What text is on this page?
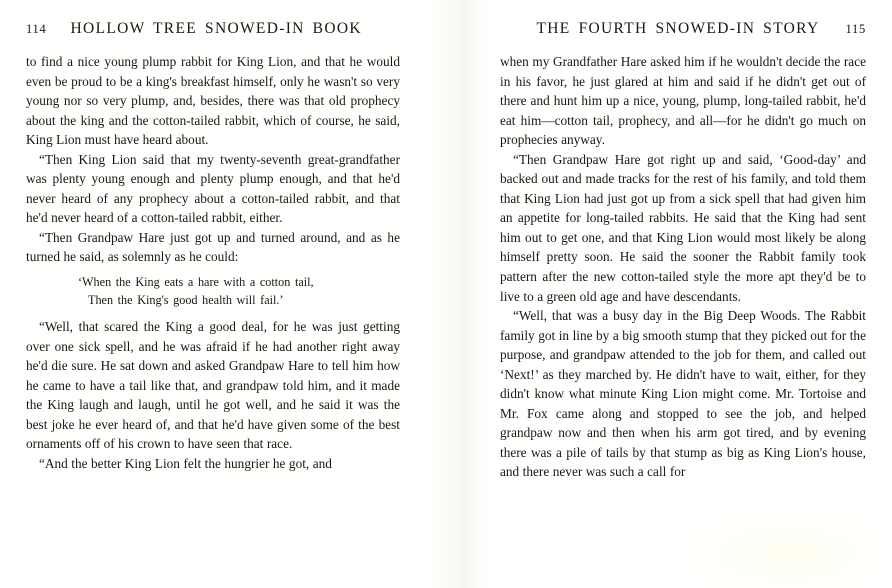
114 HOLLOW TREE SNOWED-IN BOOK

to find a nice young plump rabbit for King Lion, and that he would even be proud to be a king's breakfast himself, only he wasn't so very young nor so very plump, and, besides, there was that old prophecy about the king and the cotton-tailed rabbit, which of course, he said, King Lion must have heard about.

“Then King Lion said that my twenty-seventh great-grandfather was plenty young enough and plenty plump enough, and that he'd never heard of any prophecy about a cotton-tailed rabbit, and that he'd never heard of a cotton-tailed rabbit, either.

“Then Grandpaw Hare just got up and turned around, and as he turned he said, as solemnly as he could:

‘When the King eats a hare with a cotton tail,
Then the King's good health will fail.’

“Well, that scared the King a good deal, for he was just getting over one sick spell, and he was afraid if he had another right away he'd die sure. He sat down and asked Grandpaw Hare to tell him how he came to have a tail like that, and grandpaw told him, and it made the King laugh and laugh, until he got well, and he said it was the best joke he ever heard of, and that he'd have given some of the best ornaments off of his crown to have seen that race.

“And the better King Lion felt the hungrier he got, and

THE FOURTH SNOWED-IN STORY 115

when my Grandfather Hare asked him if he wouldn't decide the race in his favor, he just glared at him and said if he didn't get out of there and hunt him up a nice, young, plump, long-tailed rabbit, he'd eat him—cotton tail, prophecy, and all—for he didn't go much on prophecies anyway.

“Then Grandpaw Hare got right up and said, ‘Good-day’ and backed out and made tracks for the rest of his family, and told them that King Lion had just got up from a sick spell that had given him an appetite for long-tailed rabbits. He said that the King had sent him out to get one, and that King Lion would most likely be along himself pretty soon. He said the sooner the Rabbit family took pattern after the new cotton-tailed style the more apt they'd be to live to a green old age and have descendants.

“Well, that was a busy day in the Big Deep Woods. The Rabbit family got in line by a big smooth stump that they picked out for the purpose, and grandpaw attended to the job for them, and called out ‘Next!’ as they marched by. He didn't have to wait, either, for they didn't know what minute King Lion might come. Mr. Tortoise and Mr. Fox came along and stopped to see the job, and helped grandpaw now and then when his arm got tired, and by evening there was a pile of tails by that stump as big as King Lion's house, and there never was such a call for
